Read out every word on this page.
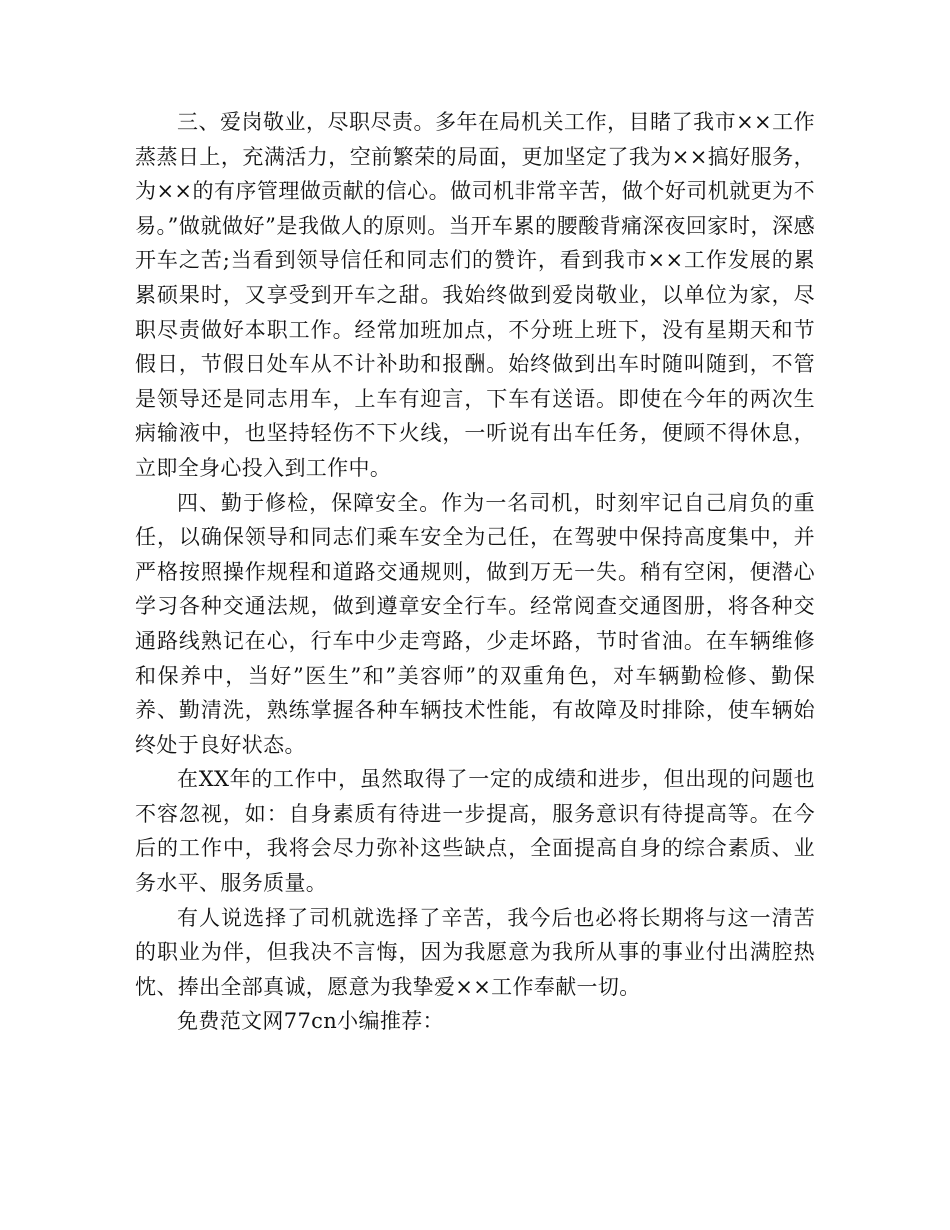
三、爱岗敬业，尽职尽责。多年在局机关工作，目睹了我市××工作蒸蒸日上，充满活力，空前繁荣的局面，更加坚定了我为××搞好服务，为××的有序管理做贡献的信心。做司机非常辛苦，做个好司机就更为不易。”做就做好”是我做人的原则。当开车累的腰酸背痛深夜回家时，深感开车之苦;当看到领导信任和同志们的赞许，看到我市××工作发展的累累硕果时，又享受到开车之甜。我始终做到爱岗敬业，以单位为家，尽职尽责做好本职工作。经常加班加点，不分班上班下，没有星期天和节假日，节假日处车从不计补助和报酬。始终做到出车时随叫随到，不管是领导还是同志用车，上车有迎言，下车有送语。即使在今年的两次生病输液中，也坚持轻伤不下火线，一听说有出车任务，便顾不得休息，立即全身心投入到工作中。

四、勤于修检，保障安全。作为一名司机，时刻牢记自己肩负的重任，以确保领导和同志们乘车安全为己任，在驾驶中保持高度集中，并严格按照操作规程和道路交通规则，做到万无一失。稍有空闲，便潜心学习各种交通法规，做到遵章安全行车。经常阅查交通图册，将各种交通路线熟记在心，行车中少走弯路，少走坏路，节时省油。在车辆维修和保养中，当好”医生”和”美容师”的双重角色，对车辆勤检修、勤保养、勤清洗，熟练掌握各种车辆技术性能，有故障及时排除，使车辆始终处于良好状态。

在XX年的工作中，虽然取得了一定的成绩和进步，但出现的问题也不容忽视，如：自身素质有待进一步提高，服务意识有待提高等。在今后的工作中，我将会尽力弥补这些缺点，全面提高自身的综合素质、业务水平、服务质量。

有人说选择了司机就选择了辛苦，我今后也必将长期将与这一清苦的职业为伴，但我决不言悔，因为我愿意为我所从事的事业付出满腔热忱、捧出全部真诚，愿意为我挚爱××工作奉献一切。

免费范文网77cn小编推荐：
